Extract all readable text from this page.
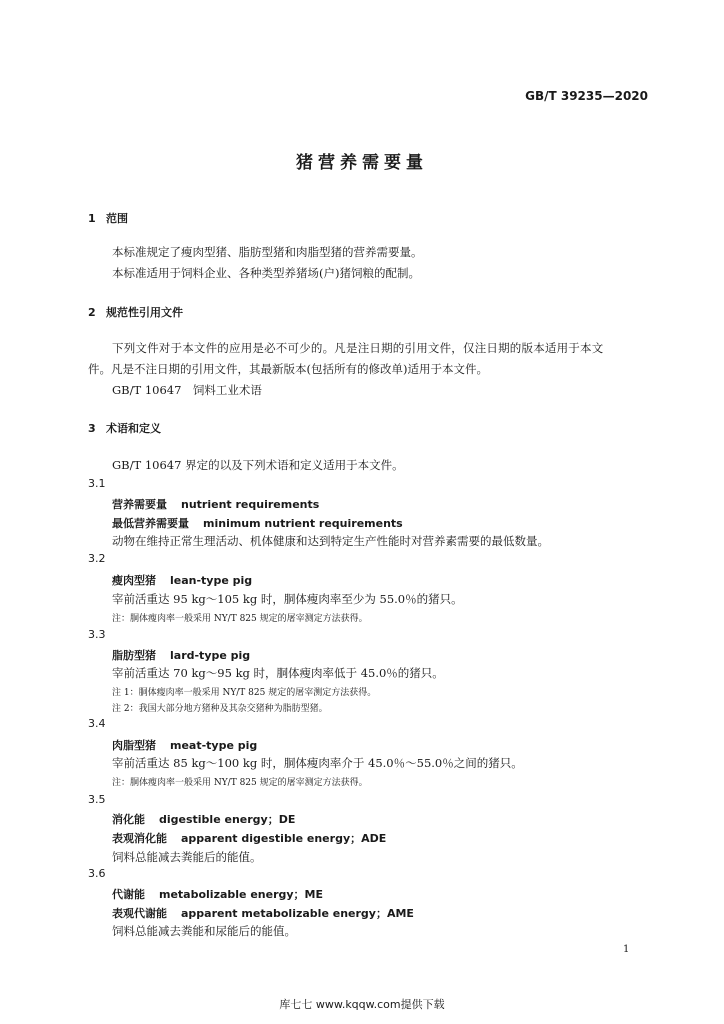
GB/T 39235—2020
猪营养需要量
1 范围
本标准规定了瘦肉型猪、脂肪型猪和肉脂型猪的营养需要量。
本标准适用于饲料企业、各种类型养猪场(户)猪饲粮的配制。
2 规范性引用文件
下列文件对于本文件的应用是必不可少的。凡是注日期的引用文件，仅注日期的版本适用于本文
件。凡是不注日期的引用文件，其最新版本(包括所有的修改单)适用于本文件。
GB/T 10647　饲料工业术语
3 术语和定义
GB/T 10647 界定的以及下列术语和定义适用于本文件。
3.1
营养需要量 nutrient requirements
最低营养需要量 minimum nutrient requirements
动物在维持正常生理活动、机体健康和达到特定生产性能时对营养素需要的最低数量。
3.2
瘦肉型猪 lean-type pig
宰前活重达 95 kg～105 kg 时，胴体瘦肉率至少为 55.0％的猪只。
注：胴体瘦肉率一般采用 NY/T 825 规定的屠宰测定方法获得。
3.3
脂肪型猪 lard-type pig
宰前活重达 70 kg～95 kg 时，胴体瘦肉率低于 45.0％的猪只。
注 1：胴体瘦肉率一般采用 NY/T 825 规定的屠宰测定方法获得。
注 2：我国大部分地方猪种及其杂交猪种为脂肪型猪。
3.4
肉脂型猪 meat-type pig
宰前活重达 85 kg～100 kg 时，胴体瘦肉率介于 45.0％～55.0％之间的猪只。
注：胴体瘦肉率一般采用 NY/T 825 规定的屠宰测定方法获得。
3.5
消化能 digestible energy；DE
表观消化能 apparent digestible energy；ADE
饲料总能减去粪能后的能值。
3.6
代谢能 metabolizable energy；ME
表观代谢能 apparent metabolizable energy；AME
饲料总能减去粪能和尿能后的能值。
1
库七七 www.kqqw.com提供下载
